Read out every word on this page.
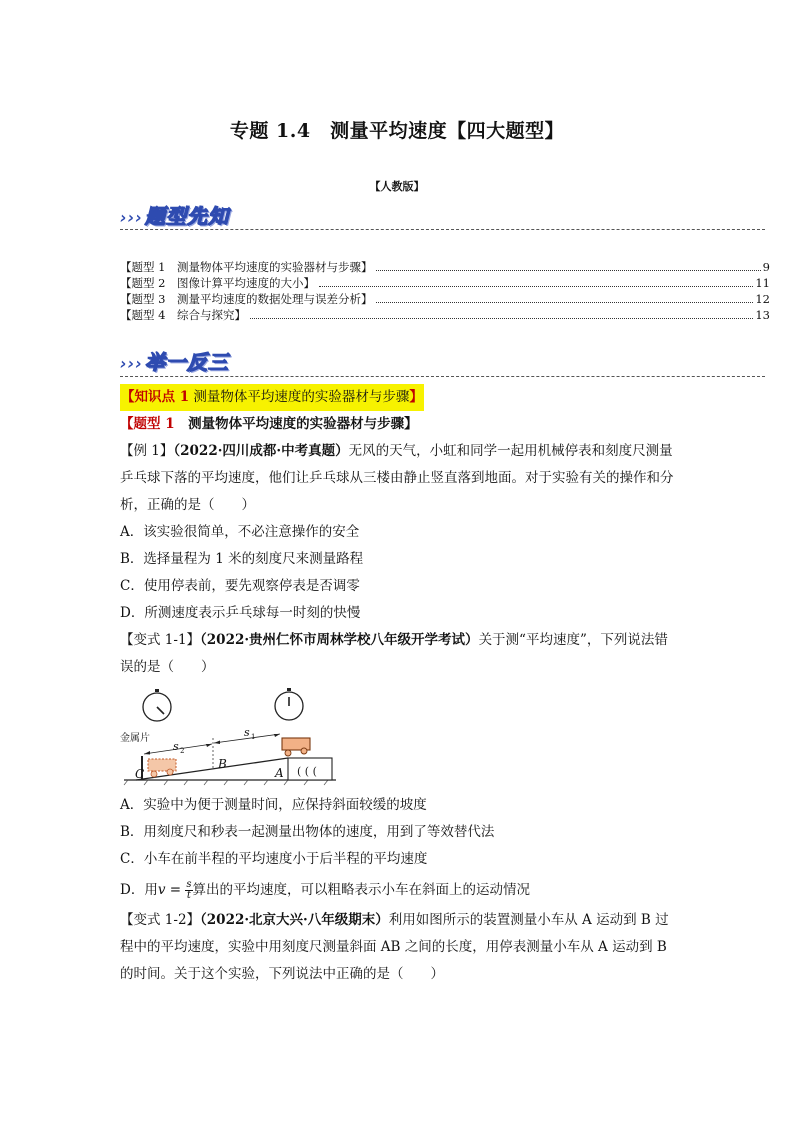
专题 1.4　测量平均速度【四大题型】
【人教版】
››› 题型先知
【题型 1　测量物体平均速度的实验器材与步骤】	9
【题型 2　图像计算平均速度的大小】	11
【题型 3　测量平均速度的数据处理与误差分析】	12
【题型 4　综合与探究】	13
››› 举一反三
【知识点 1 测量物体平均速度的实验器材与步骤】
【题型 1　测量物体平均速度的实验器材与步骤】
【例 1】（2022·四川成都·中考真题）无风的天气，小虹和同学一起用机械停表和刻度尺测量乒乓球下落的平均速度，他们让乒乓球从三楼由静止竖直落到地面。对于实验有关的操作和分析，正确的是（　　）
A．该实验很简单，不必注意操作的安全
B．选择量程为 1 米的刻度尺来测量路程
C．使用停表前，要先观察停表是否调零
D．所测速度表示乒乓球每一时刻的快慢
【变式 1-1】（2022·贵州仁怀市周林学校八年级开学考试）关于测“平均速度”，下列说法错误的是（　　）
( ( (
金属片
s 2
s 1
B
A
C
A．实验中为便于测量时间，应保持斜面较缓的坡度
B．用刻度尺和秒表一起测量出物体的速度，用到了等效替代法
C．小车在前半程的平均速度小于后半程的平均速度
D．用$v = \frac{s}{t}$ 算出的平均速度，可以粗略表示小车在斜面上的运动情况
【变式 1-2】（2022·北京大兴·八年级期末）利用如图所示的装置测量小车从 A 运动到 B 过程中的平均速度，实验中用刻度尺测量斜面 AB 之间的长度，用停表测量小车从 A 运动到 B 的时间。关于这个实验，下列说法中正确的是（　　）
